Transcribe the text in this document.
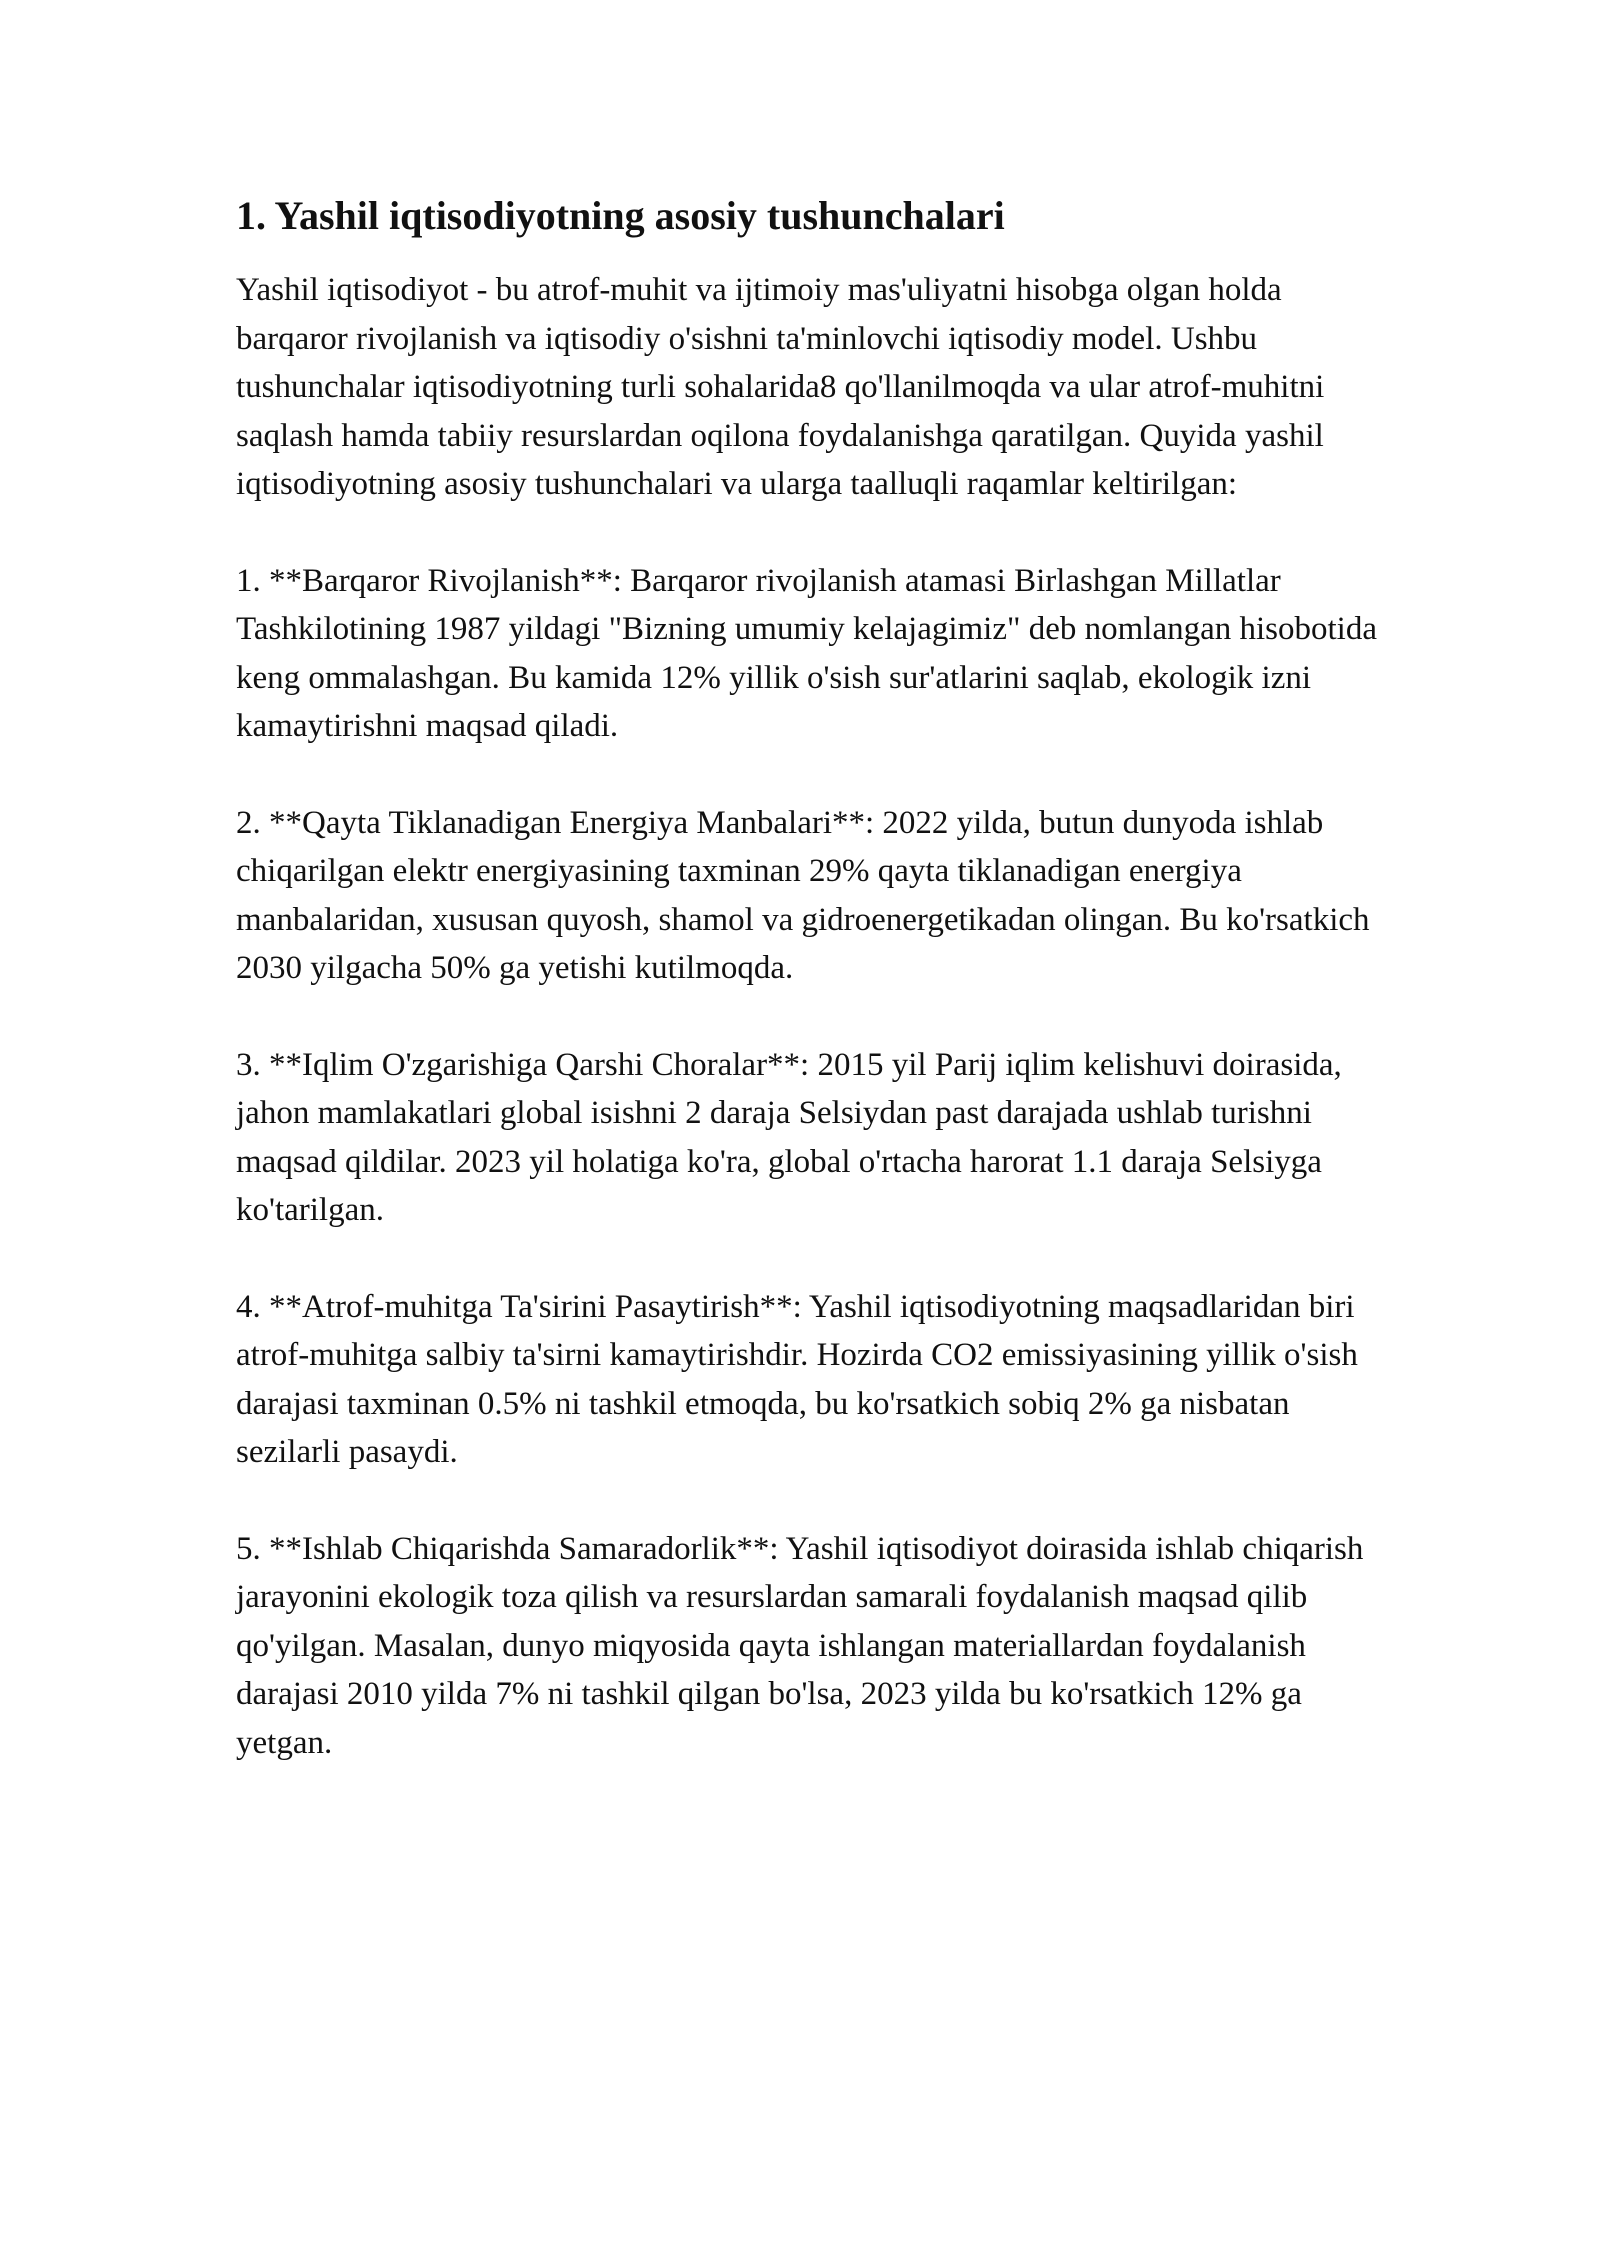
1. Yashil iqtisodiyotning asosiy tushunchalari

Yashil iqtisodiyot - bu atrof-muhit va ijtimoiy mas'uliyatni hisobga olgan holda barqaror rivojlanish va iqtisodiy o'sishni ta'minlovchi iqtisodiy model. Ushbu tushunchalar iqtisodiyotning turli sohalarida8 qo'llanilmoqda va ular atrof-muhitni saqlash hamda tabiiy resurslardan oqilona foydalanishga qaratilgan. Quyida yashil iqtisodiyotning asosiy tushunchalari va ularga taalluqli raqamlar keltirilgan:

1. **Barqaror Rivojlanish**: Barqaror rivojlanish atamasi Birlashgan Millatlar Tashkilotining 1987 yildagi "Bizning umumiy kelajagimiz" deb nomlangan hisobotida keng ommalashgan. Bu kamida 12% yillik o'sish sur'atlarini saqlab, ekologik izni kamaytirishni maqsad qiladi.

2. **Qayta Tiklanadigan Energiya Manbalari**: 2022 yilda, butun dunyoda ishlab chiqarilgan elektr energiyasining taxminan 29% qayta tiklanadigan energiya manbalaridan, xususan quyosh, shamol va gidroenergetikadan olingan. Bu ko'rsatkich 2030 yilgacha 50% ga yetishi kutilmoqda.

3. **Iqlim O'zgarishiga Qarshi Choralar**: 2015 yil Parij iqlim kelishuvi doirasida, jahon mamlakatlari global isishni 2 daraja Selsiydan past darajada ushlab turishni maqsad qildilar. 2023 yil holatiga ko'ra, global o'rtacha harorat 1.1 daraja Selsiyga ko'tarilgan.

4. **Atrof-muhitga Ta'sirini Pasaytirish**: Yashil iqtisodiyotning maqsadlaridan biri atrof-muhitga salbiy ta'sirni kamaytirishdir. Hozirda CO2 emissiyasining yillik o'sish darajasi taxminan 0.5% ni tashkil etmoqda, bu ko'rsatkich sobiq 2% ga nisbatan sezilarli pasaydi.

5. **Ishlab Chiqarishda Samaradorlik**: Yashil iqtisodiyot doirasida ishlab chiqarish jarayonini ekologik toza qilish va resurslardan samarali foydalanish maqsad qilib qo'yilgan. Masalan, dunyo miqyosida qayta ishlangan materiallardan foydalanish darajasi 2010 yilda 7% ni tashkil qilgan bo'lsa, 2023 yilda bu ko'rsatkich 12% ga yetgan.
